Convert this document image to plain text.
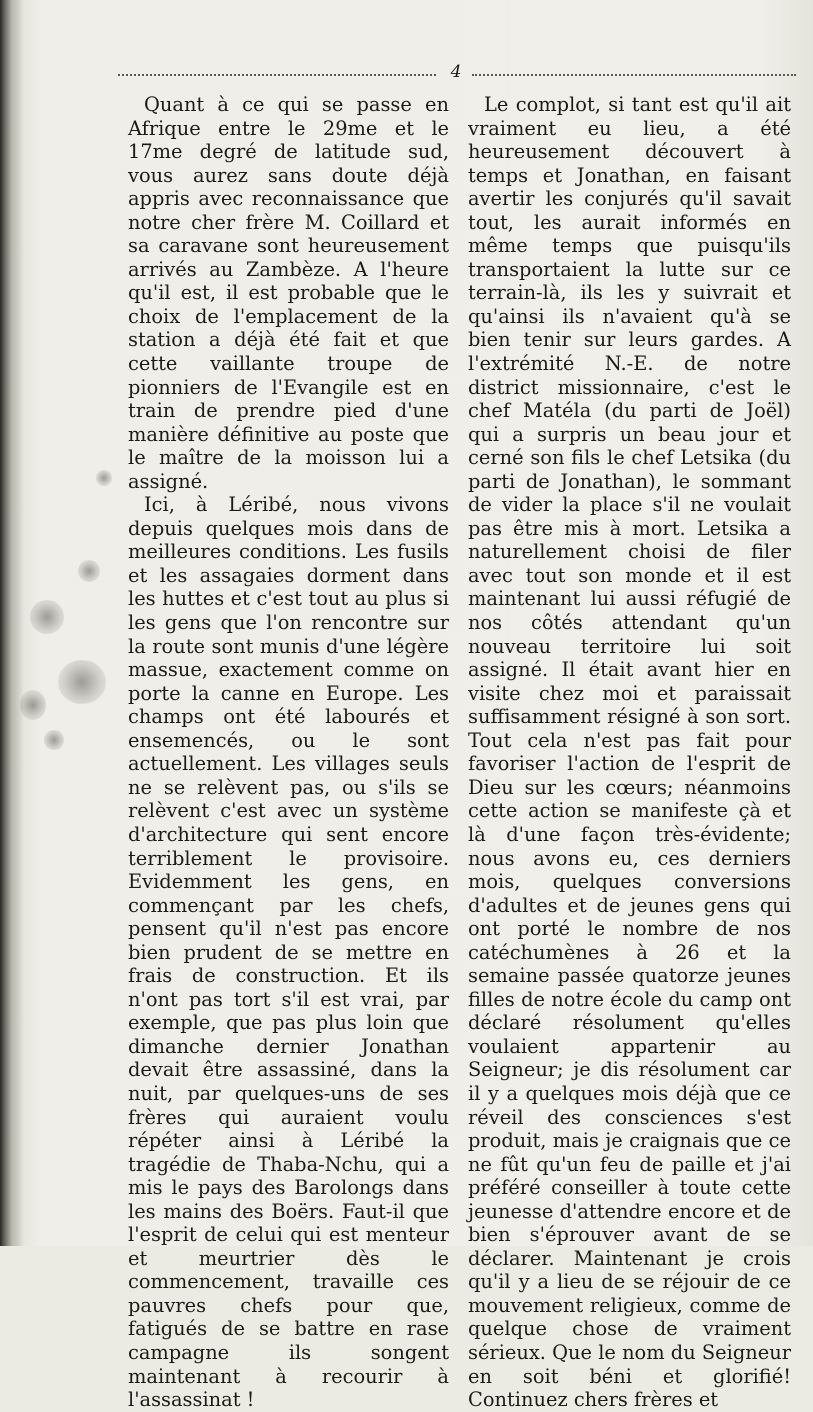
4

Quant à ce qui se passe en Afrique entre le 29me et le 17me degré de latitude sud, vous aurez sans doute déjà appris avec reconnaissance que notre cher frère M. Coillard et sa caravane sont heureusement arrivés au Zambèze. A l'heure qu'il est, il est probable que le choix de l'emplacement de la station a déjà été fait et que cette vaillante troupe de pionniers de l'Evangile est en train de prendre pied d'une manière définitive au poste que le maître de la moisson lui a assigné.

Ici, à Léribé, nous vivons depuis quelques mois dans de meilleures conditions. Les fusils et les assagaies dorment dans les huttes et c'est tout au plus si les gens que l'on rencontre sur la route sont munis d'une légère massue, exactement comme on porte la canne en Europe. Les champs ont été labourés et ensemencés, ou le sont actuellement. Les villages seuls ne se relèvent pas, ou s'ils se relèvent c'est avec un système d'architecture qui sent encore terriblement le provisoire. Evidemment les gens, en commençant par les chefs, pensent qu'il n'est pas encore bien prudent de se mettre en frais de construction. Et ils n'ont pas tort s'il est vrai, par exemple, que pas plus loin que dimanche dernier Jonathan devait être assassiné, dans la nuit, par quelques-uns de ses frères qui auraient voulu répéter ainsi à Léribé la tragédie de Thaba-Nchu, qui a mis le pays des Barolongs dans les mains des Boërs. Faut-il que l'esprit de celui qui est menteur et meurtrier dès le commencement, travaille ces pauvres chefs pour que, fatigués de se battre en rase campagne ils songent maintenant à recourir à l'assassinat !

Le complot, si tant est qu'il ait vraiment eu lieu, a été heureusement découvert à temps et Jonathan, en faisant avertir les conjurés qu'il savait tout, les aurait informés en même temps que puisqu'ils transportaient la lutte sur ce terrain-là, ils les y suivrait et qu'ainsi ils n'avaient qu'à se bien tenir sur leurs gardes. A l'extrémité N.-E. de notre district missionnaire, c'est le chef Matéla (du parti de Joël) qui a surpris un beau jour et cerné son fils le chef Letsika (du parti de Jonathan), le sommant de vider la place s'il ne voulait pas être mis à mort. Letsika a naturellement choisi de filer avec tout son monde et il est maintenant lui aussi réfugié de nos côtés attendant qu'un nouveau territoire lui soit assigné. Il était avant hier en visite chez moi et paraissait suffisamment résigné à son sort. Tout cela n'est pas fait pour favoriser l'action de l'esprit de Dieu sur les cœurs; néanmoins cette action se manifeste çà et là d'une façon très-évidente; nous avons eu, ces derniers mois, quelques conversions d'adultes et de jeunes gens qui ont porté le nombre de nos catéchumènes à 26 et la semaine passée quatorze jeunes filles de notre école du camp ont déclaré résolument qu'elles voulaient appartenir au Seigneur; je dis résolument car il y a quelques mois déjà que ce réveil des consciences s'est produit, mais je craignais que ce ne fût qu'un feu de paille et j'ai préféré conseiller à toute cette jeunesse d'attendre encore et de bien s'éprouver avant de se déclarer. Maintenant je crois qu'il y a lieu de se réjouir de ce mouvement religieux, comme de quelque chose de vraiment sérieux. Que le nom du Seigneur en soit béni et glorifié! Continuez chers frères et
